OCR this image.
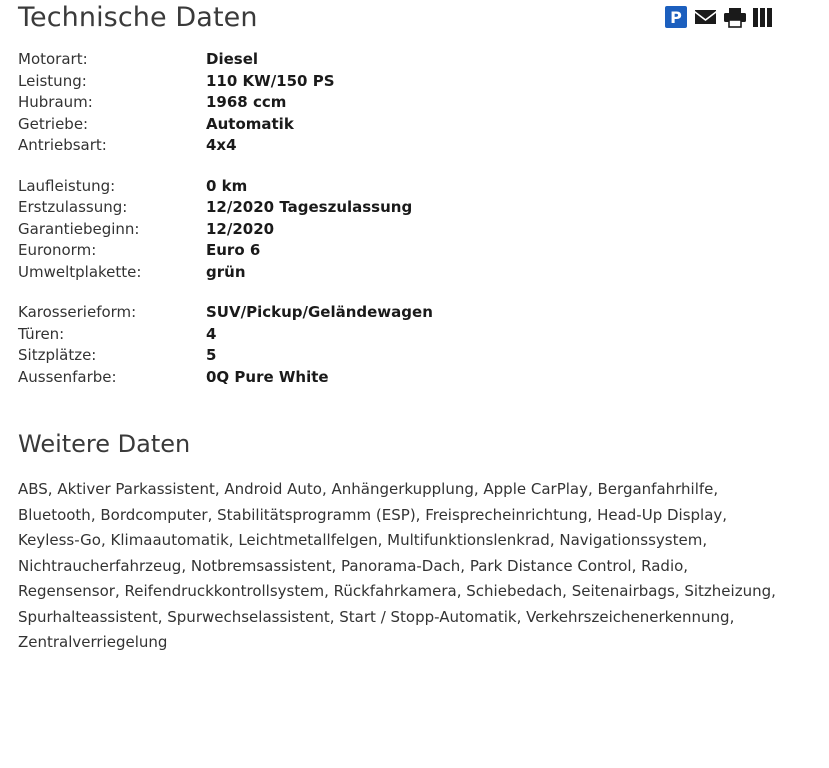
Technische Daten	P
Motorart:	Diesel
Leistung:	110 KW/150 PS
Hubraum:	1968 ccm
Getriebe:	Automatik
Antriebsart:	4x4
Laufleistung:	0 km
Erstzulassung:	12/2020 Tageszulassung
Garantiebeginn:	12/2020
Euronorm:	Euro 6
Umweltplakette:	grün
Karosserieform:	SUV/Pickup/Geländewagen
Türen:	4
Sitzplätze:	5
Aussenfarbe:	0Q Pure White
Weitere Daten
ABS, Aktiver Parkassistent, Android Auto, Anhängerkupplung, Apple CarPlay, Berganfahrhilfe, Bluetooth, Bordcomputer, Stabilitätsprogramm (ESP), Freisprecheinrichtung, Head-Up Display, Keyless-Go, Klimaautomatik, Leichtmetallfelgen, Multifunktionslenkrad, Navigationssystem, Nichtraucherfahrzeug, Notbremsassistent, Panorama-Dach, Park Distance Control, Radio, Regensensor, Reifendruckkontrollsystem, Rückfahrkamera, Schiebedach, Seitenairbags, Sitzheizung, Spurhalteassistent, Spurwechselassistent, Start / Stopp-Automatik, Verkehrszeichenerkennung, Zentralverriegelung
